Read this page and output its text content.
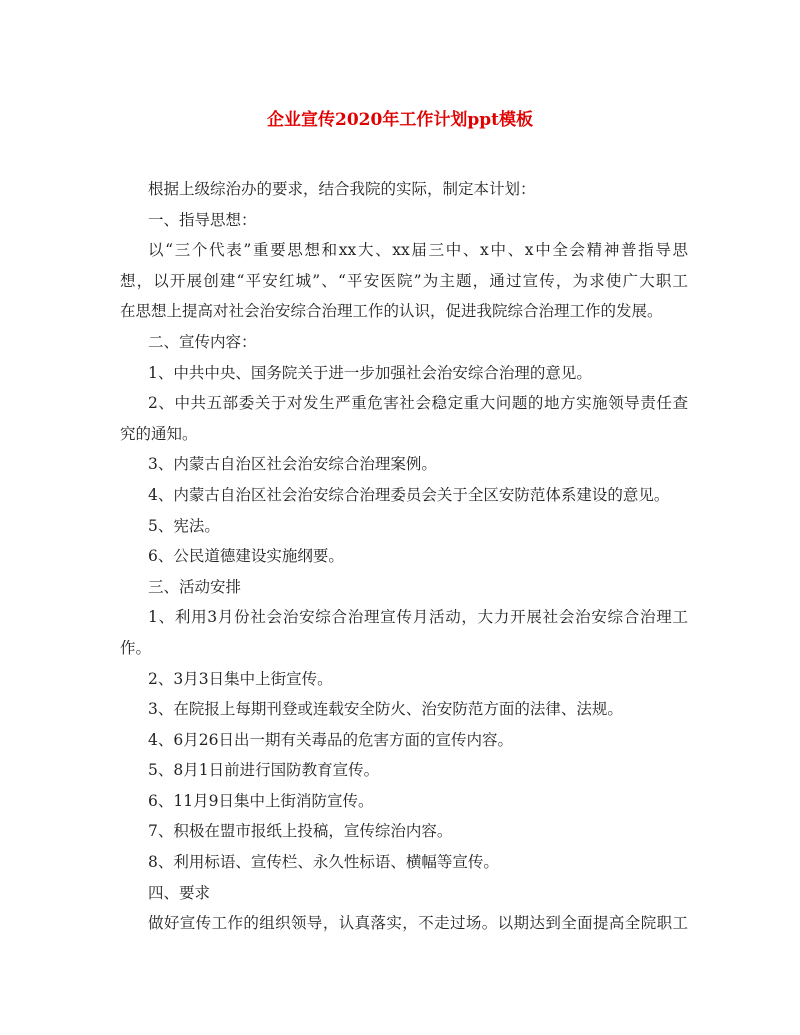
企业宣传2020年工作计划ppt模板
根据上级综治办的要求，结合我院的实际，制定本计划：
一、指导思想：
以“三个代表”重要思想和xx大、xx届三中、x中、x中全会精神普指导思
想，以开展创建“平安红城”、“平安医院”为主题，通过宣传，为求使广大职工
在思想上提高对社会治安综合治理工作的认识，促进我院综合治理工作的发展。
二、宣传内容：
1、中共中央、国务院关于进一步加强社会治安综合治理的意见。
2、中共五部委关于对发生严重危害社会稳定重大问题的地方实施领导责任查
究的通知。
3、内蒙古自治区社会治安综合治理案例。
4、内蒙古自治区社会治安综合治理委员会关于全区安防范体系建设的意见。
5、宪法。
6、公民道德建设实施纲要。
三、活动安排
1、利用3月份社会治安综合治理宣传月活动，大力开展社会治安综合治理工
作。
2、3月3日集中上街宣传。
3、在院报上每期刊登或连载安全防火、治安防范方面的法律、法规。
4、6月26日出一期有关毒品的危害方面的宣传内容。
5、8月1日前进行国防教育宣传。
6、11月9日集中上街消防宣传。
7、积极在盟市报纸上投稿，宣传综治内容。
8、利用标语、宣传栏、永久性标语、横幅等宣传。
四、要求
做好宣传工作的组织领导，认真落实，不走过场。以期达到全面提高全院职工
